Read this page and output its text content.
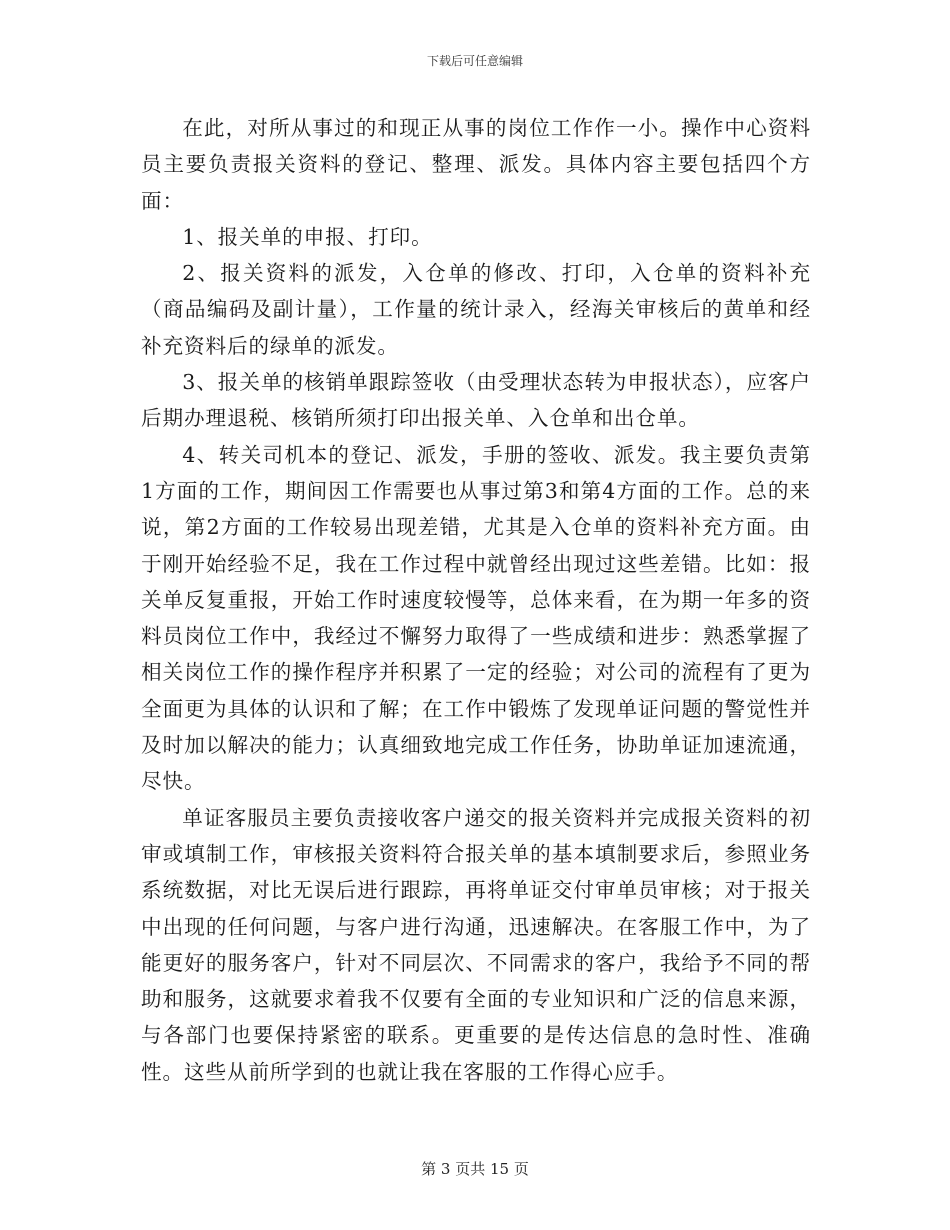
下载后可任意编辑

在此，对所从事过的和现正从事的岗位工作作一小。操作中心资料员主要负责报关资料的登记、整理、派发。具体内容主要包括四个方面：

1、报关单的申报、打印。

2、报关资料的派发，入仓单的修改、打印，入仓单的资料补充（商品编码及副计量），工作量的统计录入，经海关审核后的黄单和经补充资料后的绿单的派发。

3、报关单的核销单跟踪签收（由受理状态转为申报状态），应客户后期办理退税、核销所须打印出报关单、入仓单和出仓单。

4、转关司机本的登记、派发，手册的签收、派发。我主要负责第1方面的工作，期间因工作需要也从事过第3和第4方面的工作。总的来说，第2方面的工作较易出现差错，尤其是入仓单的资料补充方面。由于刚开始经验不足，我在工作过程中就曾经出现过这些差错。比如：报关单反复重报，开始工作时速度较慢等，总体来看，在为期一年多的资料员岗位工作中，我经过不懈努力取得了一些成绩和进步：熟悉掌握了相关岗位工作的操作程序并积累了一定的经验；对公司的流程有了更为全面更为具体的认识和了解；在工作中锻炼了发现单证问题的警觉性并及时加以解决的能力；认真细致地完成工作任务，协助单证加速流通，尽快。

单证客服员主要负责接收客户递交的报关资料并完成报关资料的初审或填制工作，审核报关资料符合报关单的基本填制要求后，参照业务系统数据，对比无误后进行跟踪，再将单证交付审单员审核；对于报关中出现的任何问题，与客户进行沟通，迅速解决。在客服工作中，为了能更好的服务客户，针对不同层次、不同需求的客户，我给予不同的帮助和服务，这就要求着我不仅要有全面的专业知识和广泛的信息来源，与各部门也要保持紧密的联系。更重要的是传达信息的急时性、准确性。这些从前所学到的也就让我在客服的工作得心应手。

第 3 页共 15 页
